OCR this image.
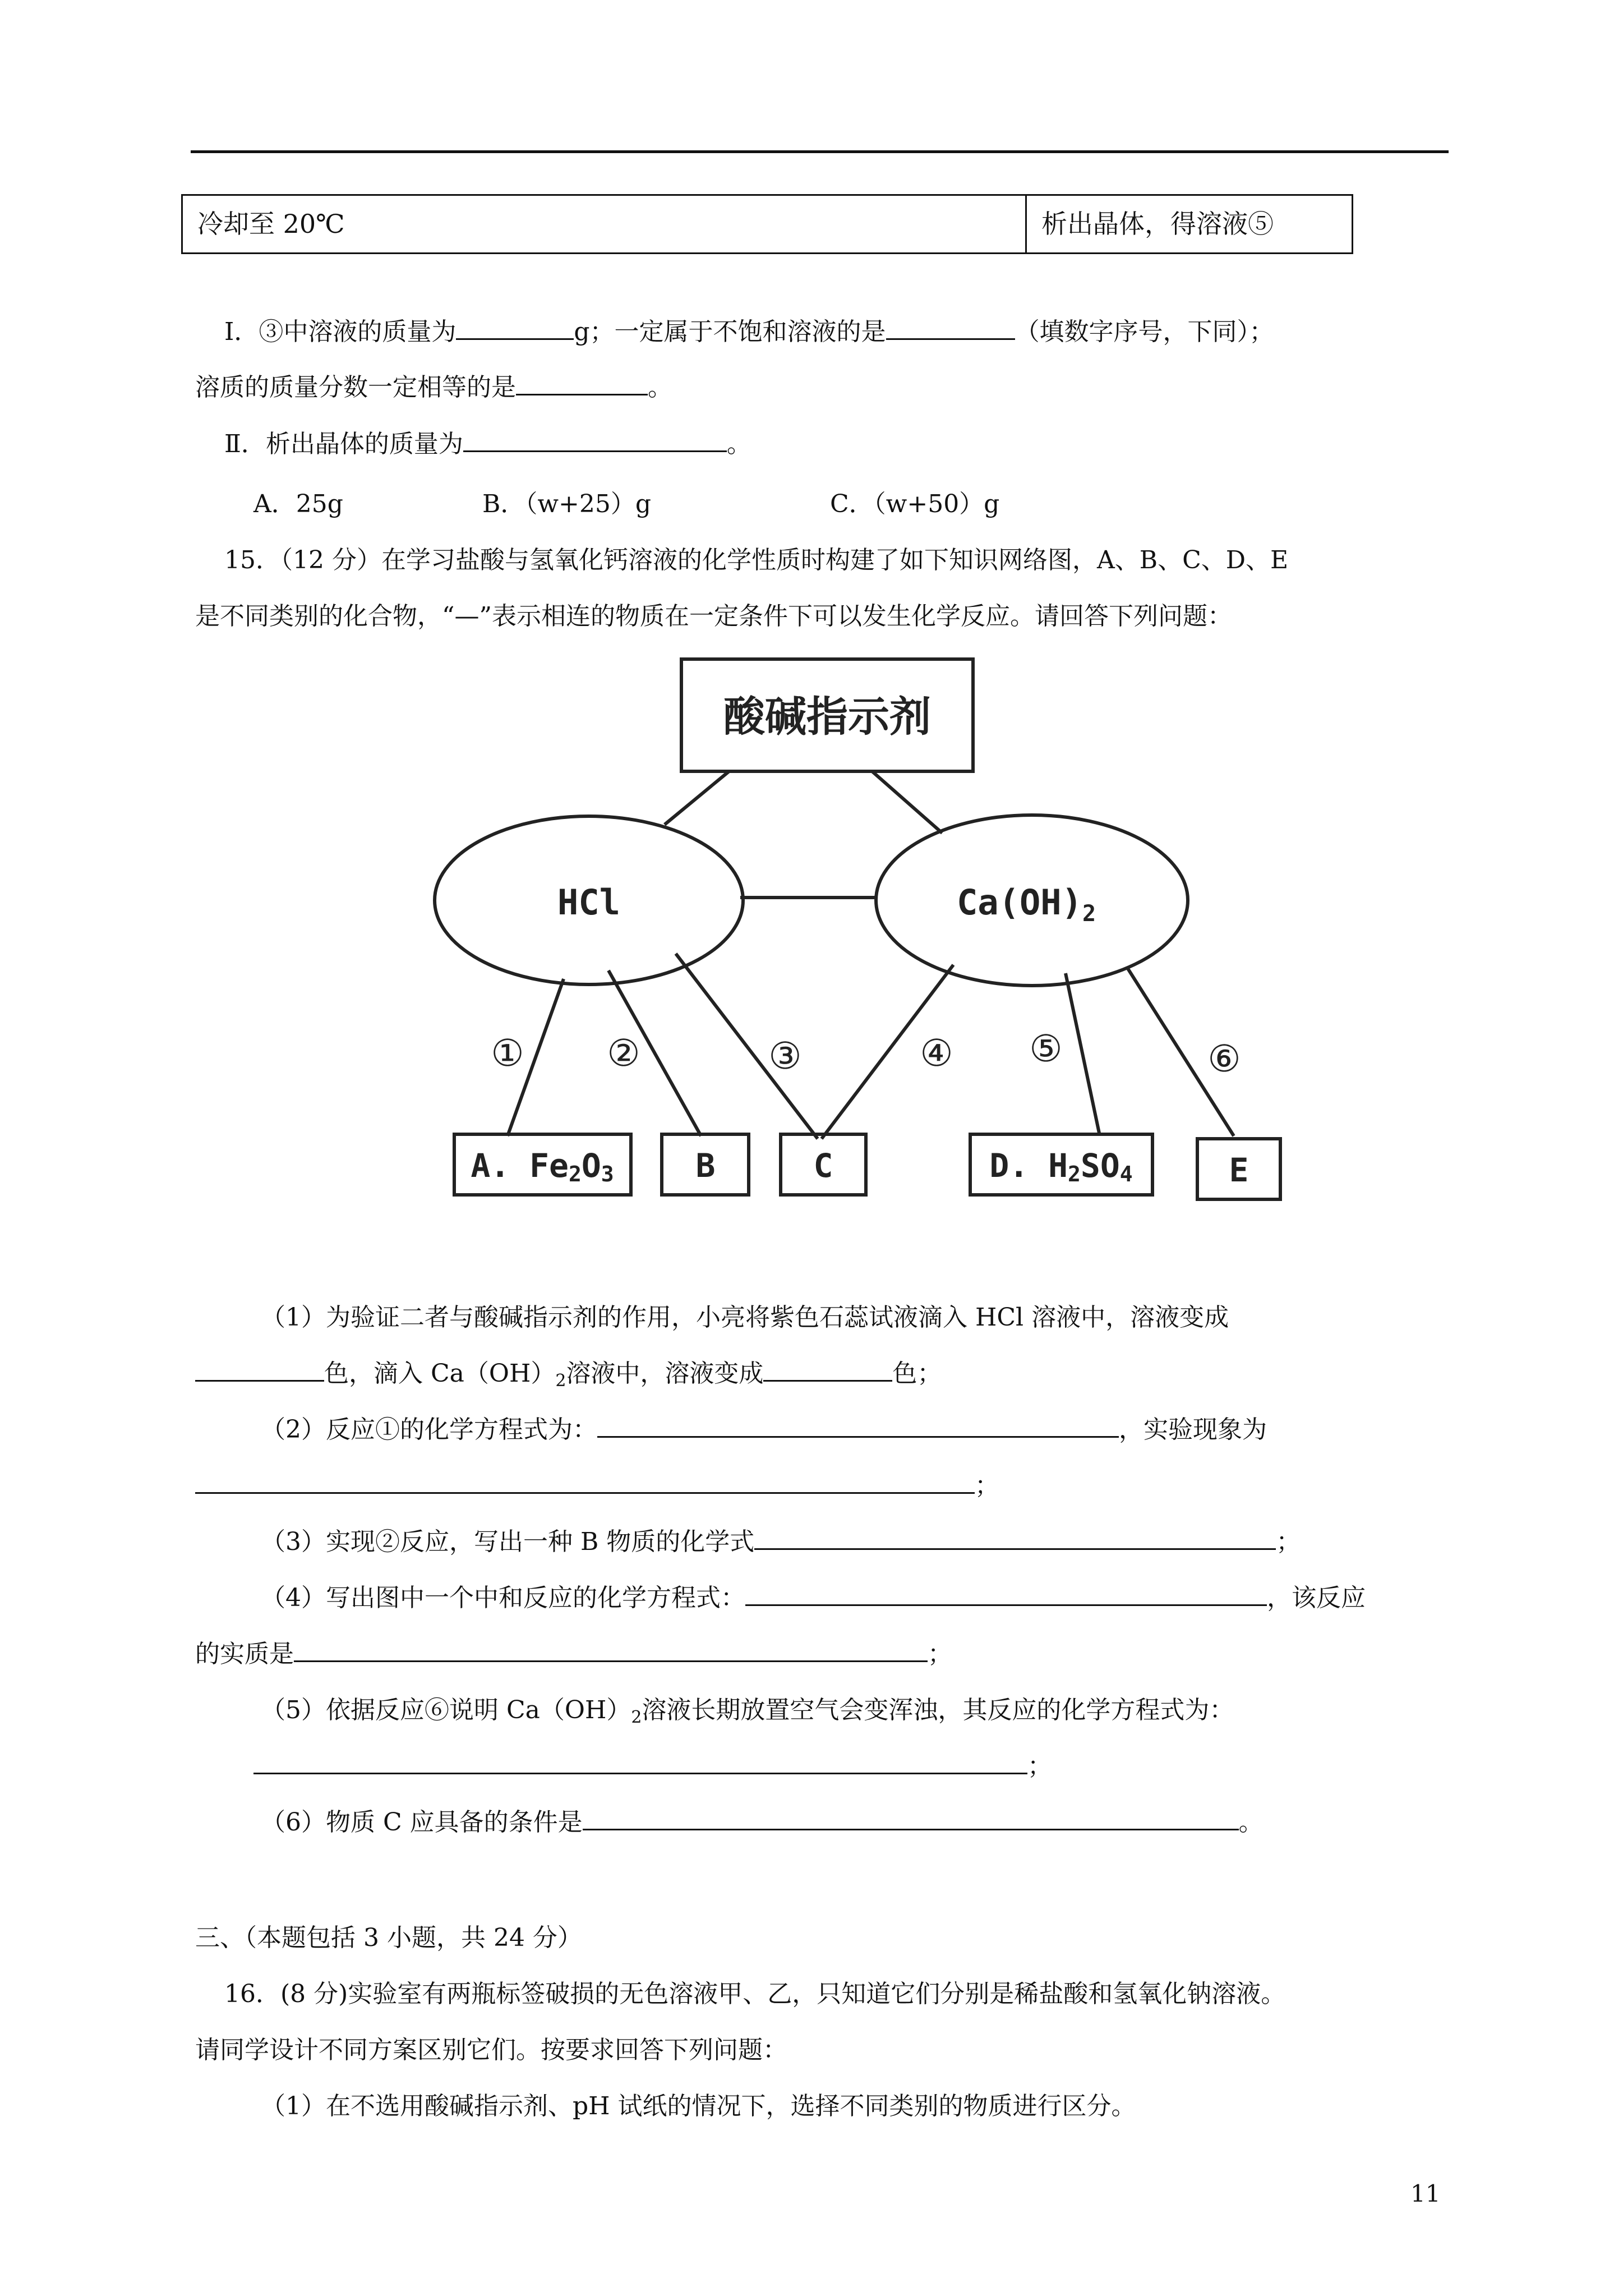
冷却至 20℃	析出晶体，得溶液⑤
I．③中溶液的质量为	g；一定属于不饱和溶液的是	（填数字序号，下同）；
溶质的质量分数一定相等的是	。
Ⅱ．析出晶体的质量为	。
A．25g	B．（w+25）g	C．（w+50）g
15．（12 分）在学习盐酸与氢氧化钙溶液的化学性质时构建了如下知识网络图，A、B、C、D、E
是不同类别的化合物，“—”表示相连的物质在一定条件下可以发生化学反应。请回答下列问题：
酸碱指示剂
HCl	Ca(OH)2
A. Fe2O3	B	C	D. H2SO4	E
① ②	③	④ ⑤	⑥
（1）为验证二者与酸碱指示剂的作用，小亮将紫色石蕊试液滴入 HCl 溶液中，溶液变成
色，滴入 $Ca(OH)_2$溶液中，溶液变成	色；
（2）反应①的化学方程式为：	，实验现象为
；
（3）实现②反应，写出一种 B 物质的化学式	；
（4）写出图中一个中和反应的化学方程式：	，该反应
的实质是	；
（5）依据反应⑥说明 $Ca(OH)_2$溶液长期放置空气会变浑浊，其反应的化学方程式为：
；
（6）物质 C 应具备的条件是	。
三、（本题包括 3 小题，共 24 分）
16．(8 分)实验室有两瓶标签破损的无色溶液甲、乙，只知道它们分别是稀盐酸和氢氧化钠溶液。
请同学设计不同方案区别它们。按要求回答下列问题：
（1）在不选用酸碱指示剂、pH 试纸的情况下，选择不同类别的物质进行区分。
11
